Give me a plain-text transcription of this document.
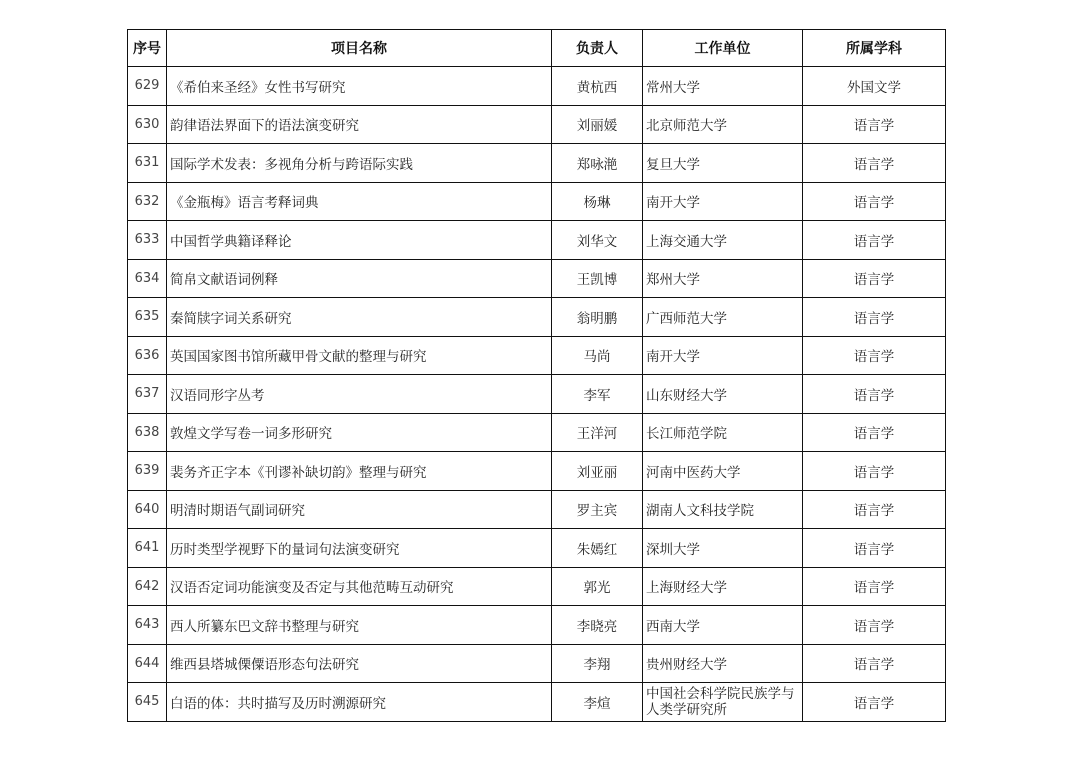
序号	项目名称	负责人	工作单位	所属学科
629	《希伯来圣经》女性书写研究	黄杭西	常州大学	外国文学
630	韵律语法界面下的语法演变研究	刘丽媛	北京师范大学	语言学
631	国际学术发表：多视角分析与跨语际实践	郑咏滟	复旦大学	语言学
632	《金瓶梅》语言考释词典	杨琳	南开大学	语言学
633	中国哲学典籍译释论	刘华文	上海交通大学	语言学
634	简帛文献语词例释	王凯博	郑州大学	语言学
635	秦简牍字词关系研究	翁明鹏	广西师范大学	语言学
636	英国国家图书馆所藏甲骨文献的整理与研究	马尚	南开大学	语言学
637	汉语同形字丛考	李军	山东财经大学	语言学
638	敦煌文学写卷一词多形研究	王洋河	长江师范学院	语言学
639	裴务齐正字本《刊谬补缺切韵》整理与研究	刘亚丽	河南中医药大学	语言学
640	明清时期语气副词研究	罗主宾	湖南人文科技学院	语言学
641	历时类型学视野下的量词句法演变研究	朱嫣红	深圳大学	语言学
642	汉语否定词功能演变及否定与其他范畴互动研究	郭光	上海财经大学	语言学
643	西人所纂东巴文辞书整理与研究	李晓亮	西南大学	语言学
644	维西县塔城傈僳语形态句法研究	李翔	贵州财经大学	语言学
645	白语的体：共时描写及历时溯源研究	李煊	中国社会科学院民族学与人类学研究所	语言学
